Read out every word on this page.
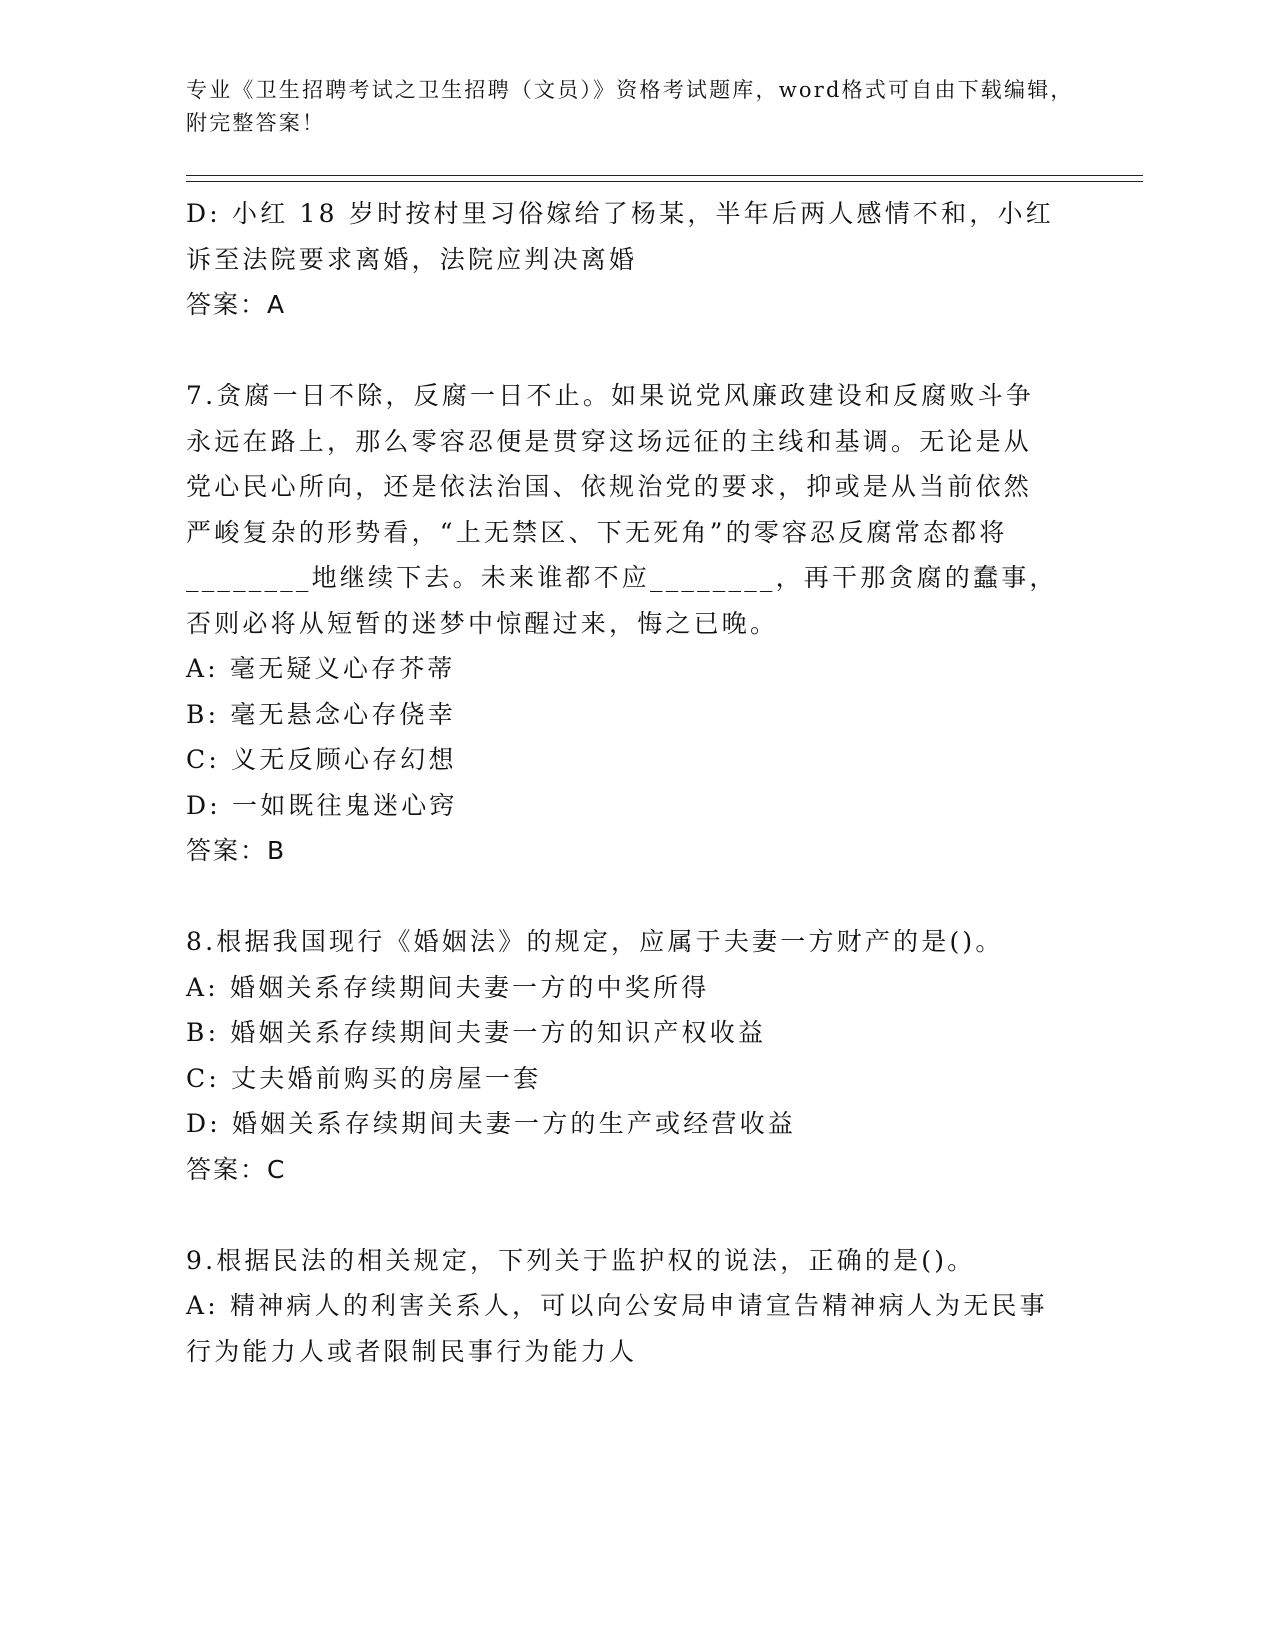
专业《卫生招聘考试之卫生招聘（文员）》资格考试题库，word格式可自由下载编辑，附完整答案！
D: 小红 18 岁时按村里习俗嫁给了杨某，半年后两人感情不和，小红
诉至法院要求离婚，法院应判决离婚
答案：A
7.贪腐一日不除，反腐一日不止。如果说党风廉政建设和反腐败斗争
永远在路上，那么零容忍便是贯穿这场远征的主线和基调。无论是从
党心民心所向，还是依法治国、依规治党的要求，抑或是从当前依然
严峻复杂的形势看，“上无禁区、下无死角”的零容忍反腐常态都将
________地继续下去。未来谁都不应________，再干那贪腐的蠢事，
否则必将从短暂的迷梦中惊醒过来，悔之已晚。
A: 毫无疑义心存芥蒂
B: 毫无悬念心存侥幸
C: 义无反顾心存幻想
D: 一如既往鬼迷心窍
答案：B
8.根据我国现行《婚姻法》的规定，应属于夫妻一方财产的是()。
A: 婚姻关系存续期间夫妻一方的中奖所得
B: 婚姻关系存续期间夫妻一方的知识产权收益
C: 丈夫婚前购买的房屋一套
D: 婚姻关系存续期间夫妻一方的生产或经营收益
答案：C
9.根据民法的相关规定，下列关于监护权的说法，正确的是()。
A: 精神病人的利害关系人，可以向公安局申请宣告精神病人为无民事
行为能力人或者限制民事行为能力人
